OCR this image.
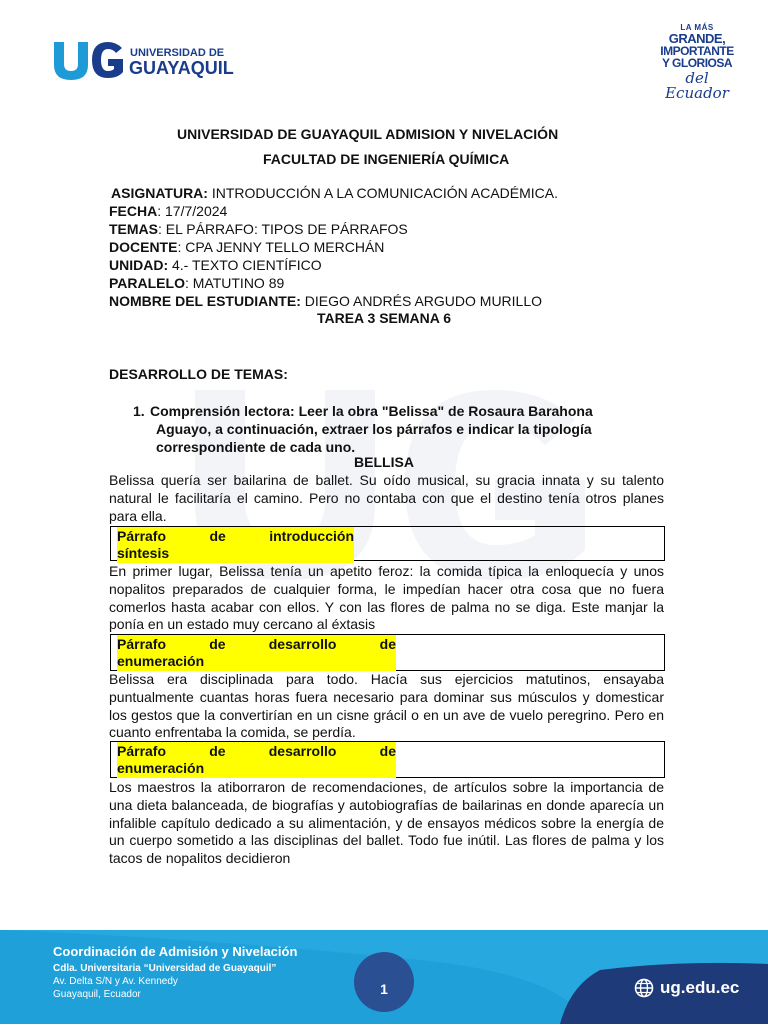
UNIVERSIDAD DE
GUAYAQUIL
LA MÁS
GRANDE,
IMPORTANTE
Y GLORIOSA
del Ecuador
UNIVERSIDAD DE GUAYAQUIL ADMISION Y NIVELACIÓN
FACULTAD DE INGENIERÍA QUÍMICA
ASIGNATURA: INTRODUCCIÓN A LA COMUNICACIÓN ACADÉMICA.
FECHA: 17/7/2024
TEMAS: EL PÁRRAFO: TIPOS DE PÁRRAFOS
DOCENTE: CPA JENNY TELLO MERCHÁN
UNIDAD: 4.- TEXTO CIENTÍFICO
PARALELO: MATUTINO 89
NOMBRE DEL ESTUDIANTE: DIEGO ANDRÉS ARGUDO MURILLO
TAREA 3 SEMANA 6
DESARROLLO DE TEMAS:
1. Comprensión lectora: Leer la obra "Belissa" de Rosaura Barahona
Aguayo, a continuación, extraer los párrafos e indicar la tipología
correspondiente de cada uno.
BELLISA
Belissa quería ser bailarina de ballet. Su oído musical, su gracia innata y su talento natural le facilitaría el camino. Pero no contaba con que el destino tenía otros planes para ella.
Párrafo	de	introducción
síntesis
En primer lugar, Belissa tenía un apetito feroz: la comida típica la enloquecía y unos nopalitos preparados de cualquier forma, le impedían hacer otra cosa que no fuera comerlos hasta acabar con ellos. Y con las flores de palma no se diga. Este manjar la ponía en un estado muy cercano al éxtasis
Párrafo	de	desarrollo	de
enumeración
Belissa era disciplinada para todo. Hacía sus ejercicios matutinos, ensayaba puntualmente cuantas horas fuera necesario para dominar sus músculos y domesticar los gestos que la convertirían en un cisne grácil o en un ave de vuelo peregrino. Pero en cuanto enfrentaba la comida, se perdía.
Párrafo	de	desarrollo	de
enumeración
Los maestros la atiborraron de recomendaciones, de artículos sobre la importancia de una dieta balanceada, de biografías y autobiografías de bailarinas en donde aparecía un infalible capítulo dedicado a su alimentación, y de ensayos médicos sobre la energía de un cuerpo sometido a las disciplinas del ballet. Todo fue inútil. Las flores de palma y los tacos de nopalitos decidieron
Coordinación de Admisión y Nivelación
Cdla. Universitaria “Universidad de Guayaquil”
Av. Delta S/N y Av. Kennedy
Guayaquil, Ecuador	1	ug.edu.ec
